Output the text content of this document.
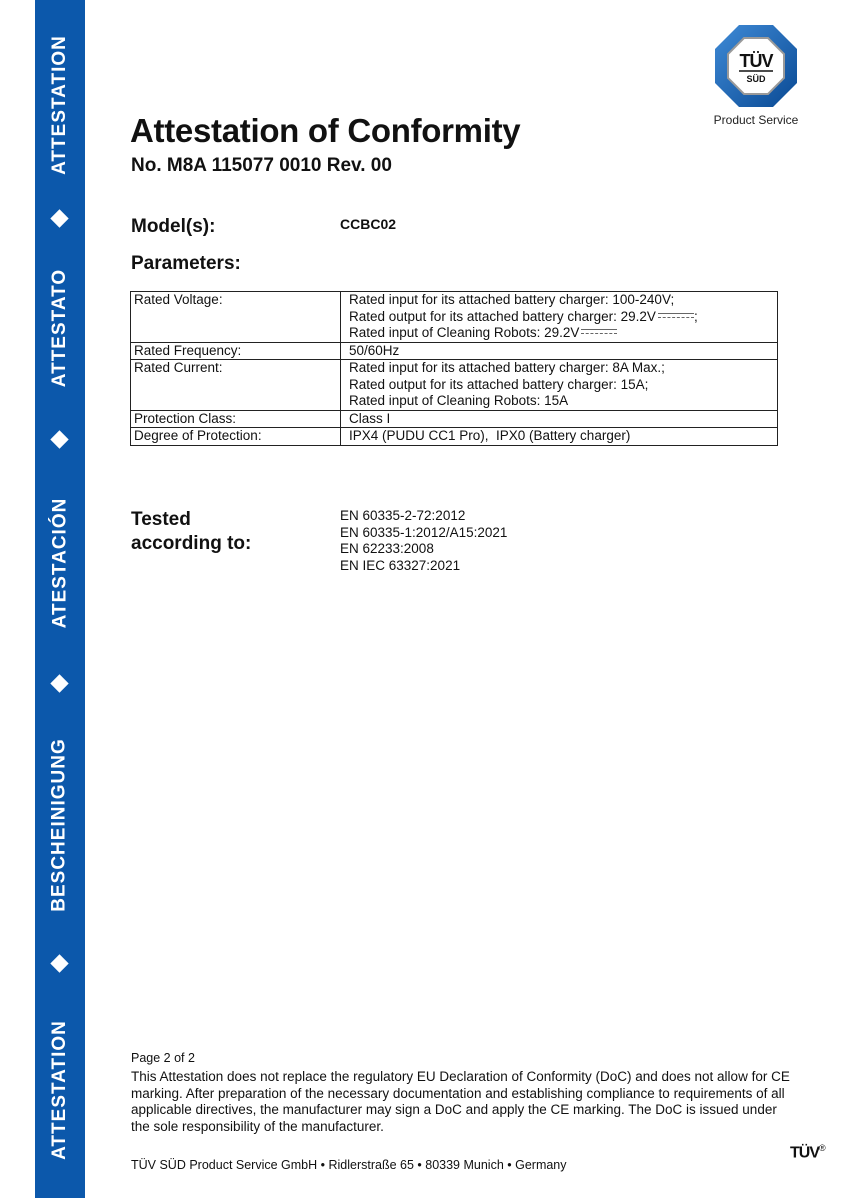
ATTESTATION
ATTESTATO
ATESTACIÓN
BESCHEINIGUNG
ATTESTATION
TÜV
SÜD
Product Service
Attestation of Conformity
No. M8A 115077 0010 Rev. 00
Model(s):	CCBC02
Parameters:
Rated Voltage:	Rated input for its attached battery charger: 100-240V;
Rated output for its attached battery charger: 29.2V ;
Rated input of Cleaning Robots: 29.2V

Rated Frequency:	50/60Hz

Rated Current:	Rated input for its attached battery charger: 8A Max.;
Rated output for its attached battery charger: 15A;
Rated input of Cleaning Robots: 15A

Protection Class:	Class I

Degree of Protection:	IPX4 (PUDU CC1 Pro),  IPX0 (Battery charger)
Tested
according to:
EN 60335-2-72:2012
EN 60335-1:2012/A15:2021
EN 62233:2008
EN IEC 63327:2021
Page 2 of 2
This Attestation does not replace the regulatory EU Declaration of Conformity (DoC) and does not allow for CE marking. After preparation of the necessary documentation and establishing compliance to requirements of all applicable directives, the manufacturer may sign a DoC and apply the CE marking. The DoC is issued under the sole responsibility of the manufacturer.
TÜV SÜD Product Service GmbH • Ridlerstraße 65 • 80339 Munich • Germany
TÜV®
